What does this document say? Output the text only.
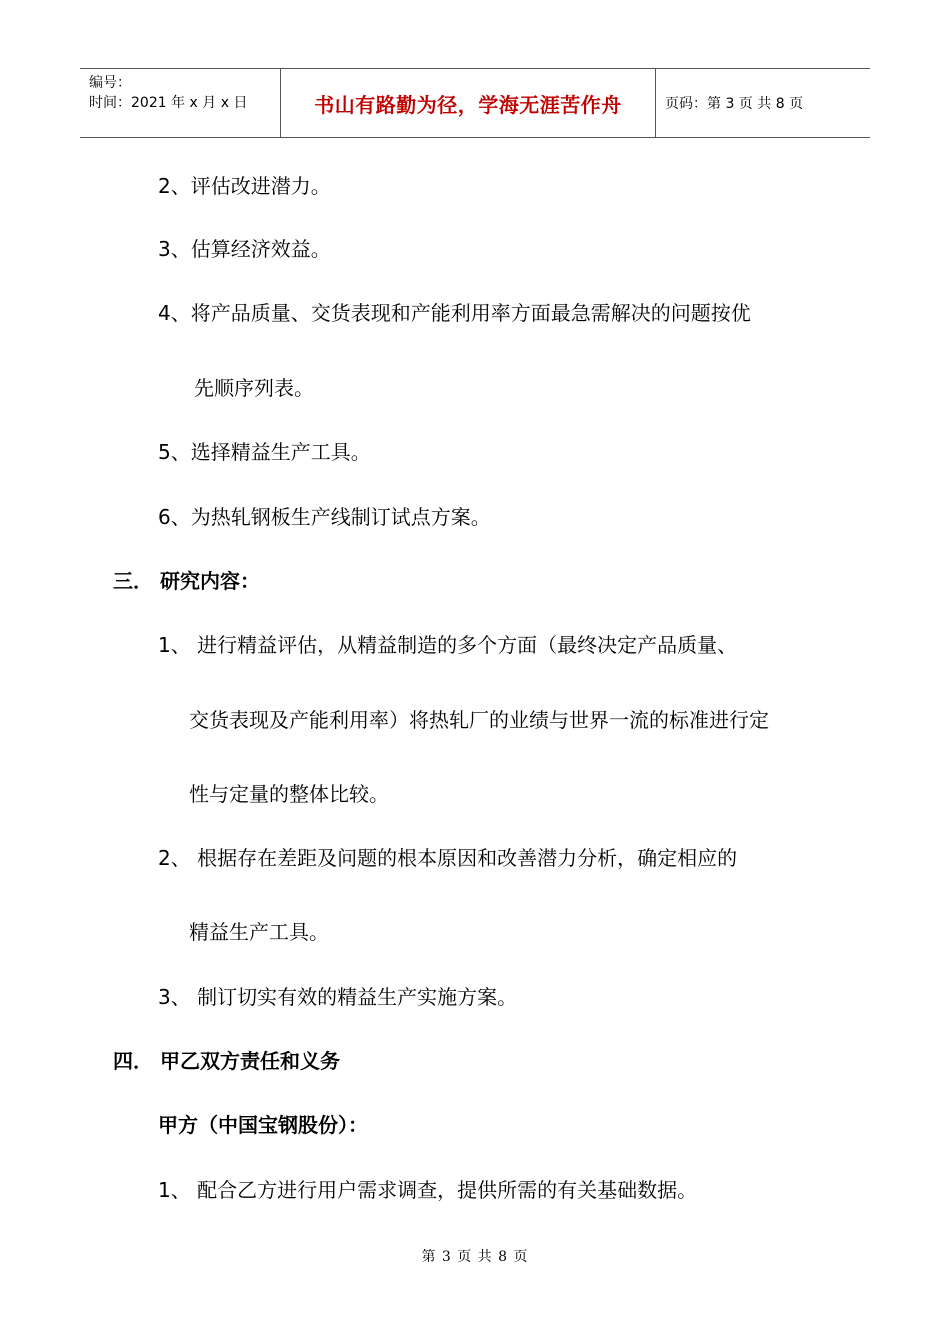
编号：
时间：2021 年 x 月 x 日	书山有路勤为径，学海无涯苦作舟	页码：第 3 页 共 8 页
2、评估改进潜力。
3、估算经济效益。
4、将产品质量、交货表现和产能利用率方面最急需解决的问题按优
先顺序列表。
5、选择精益生产工具。
6、为热轧钢板生产线制订试点方案。
三． 研究内容：
1、 进行精益评估，从精益制造的多个方面（最终决定产品质量、
交货表现及产能利用率）将热轧厂的业绩与世界一流的标准进行定
性与定量的整体比较。
2、 根据存在差距及问题的根本原因和改善潜力分析，确定相应的
精益生产工具。
3、 制订切实有效的精益生产实施方案。
四． 甲乙双方责任和义务
甲方（中国宝钢股份）：
1、 配合乙方进行用户需求调查，提供所需的有关基础数据。
第 3 页 共 8 页
